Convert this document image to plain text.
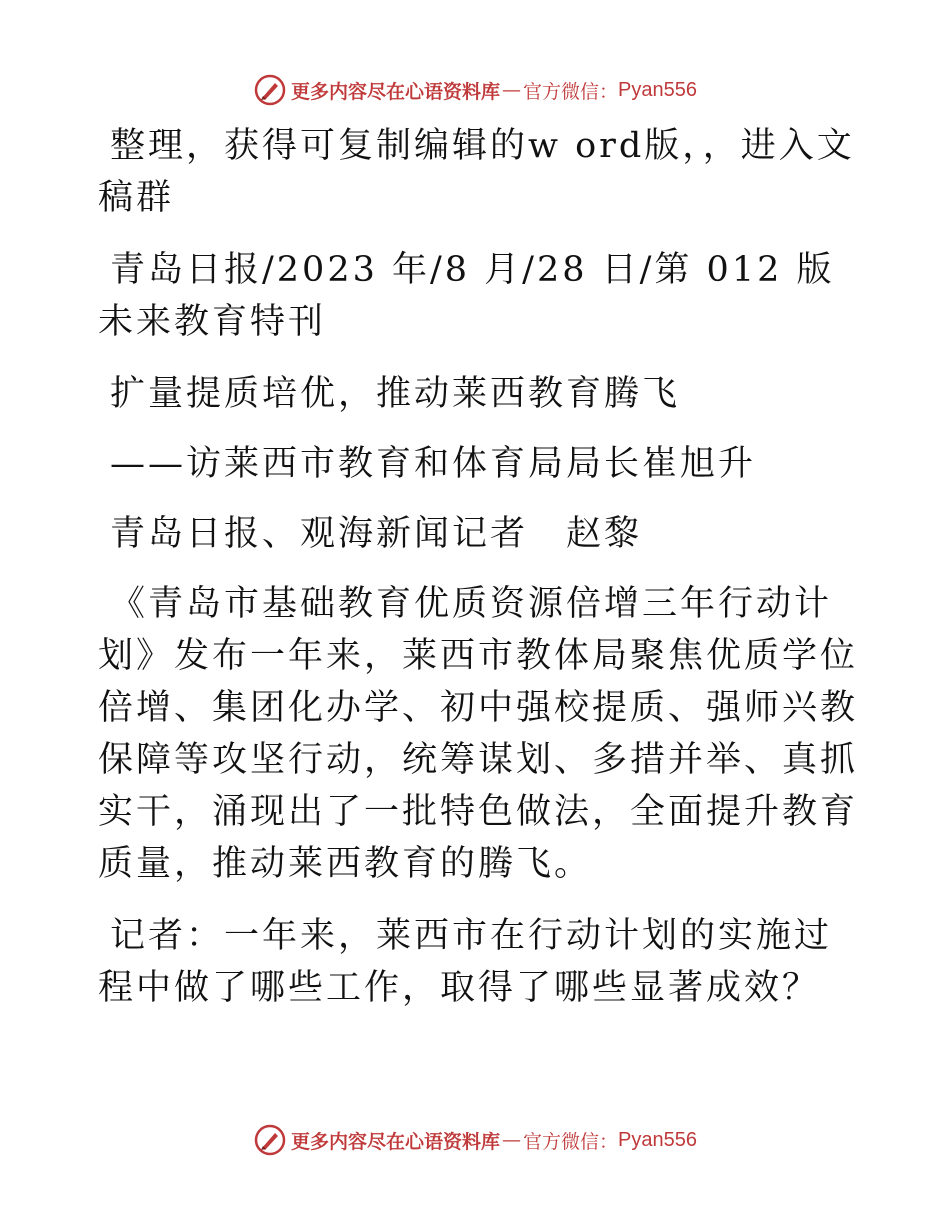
更多内容尽在心语资料库 — 官方微信： Pyan556

整理，获得可复制编辑的w ord版，，进入文稿群

青岛日报/2023 年/8 月/28 日/第 012 版未来教育特刊

扩量提质培优，推动莱西教育腾飞

——访莱西市教育和体育局局长崔旭升

青岛日报、观海新闻记者　赵黎

《青岛市基础教育优质资源倍增三年行动计划》发布一年来，莱西市教体局聚焦优质学位倍增、集团化办学、初中强校提质、强师兴教保障等攻坚行动，统筹谋划、多措并举、真抓实干，涌现出了一批特色做法，全面提升教育质量，推动莱西教育的腾飞。

记者：一年来，莱西市在行动计划的实施过程中做了哪些工作，取得了哪些显著成效？

更多内容尽在心语资料库 — 官方微信： Pyan556
